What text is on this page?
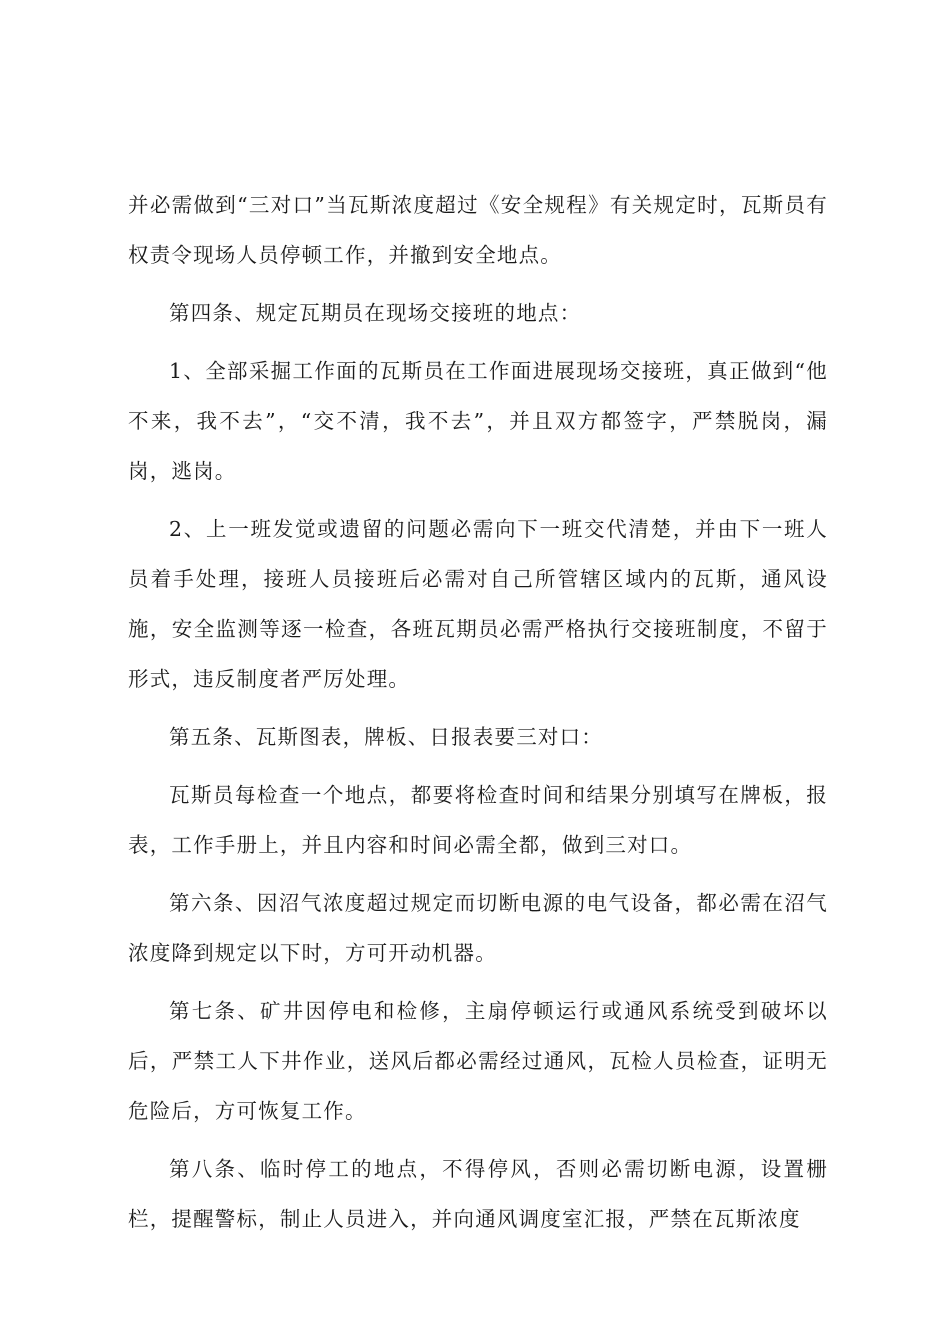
并必需做到“三对口”当瓦斯浓度超过《安全规程》有关规定时，瓦斯员有权责令现场人员停顿工作，并撤到安全地点。

第四条、规定瓦期员在现场交接班的地点：

1、全部采掘工作面的瓦斯员在工作面进展现场交接班，真正做到“他不来，我不去”，“交不清，我不去”，并且双方都签字，严禁脱岗，漏岗，逃岗。

2、上一班发觉或遗留的问题必需向下一班交代清楚，并由下一班人员着手处理，接班人员接班后必需对自己所管辖区域内的瓦斯，通风设施，安全监测等逐一检查，各班瓦期员必需严格执行交接班制度，不留于形式，违反制度者严厉处理。

第五条、瓦斯图表，牌板、日报表要三对口：

瓦斯员每检查一个地点，都要将检查时间和结果分别填写在牌板，报表，工作手册上，并且内容和时间必需全都，做到三对口。

第六条、因沼气浓度超过规定而切断电源的电气设备，都必需在沼气浓度降到规定以下时，方可开动机器。

第七条、矿井因停电和检修，主扇停顿运行或通风系统受到破坏以后，严禁工人下井作业，送风后都必需经过通风，瓦检人员检查，证明无危险后，方可恢复工作。

第八条、临时停工的地点，不得停风，否则必需切断电源，设置栅栏，提醒警标，制止人员进入，并向通风调度室汇报，严禁在瓦斯浓度
